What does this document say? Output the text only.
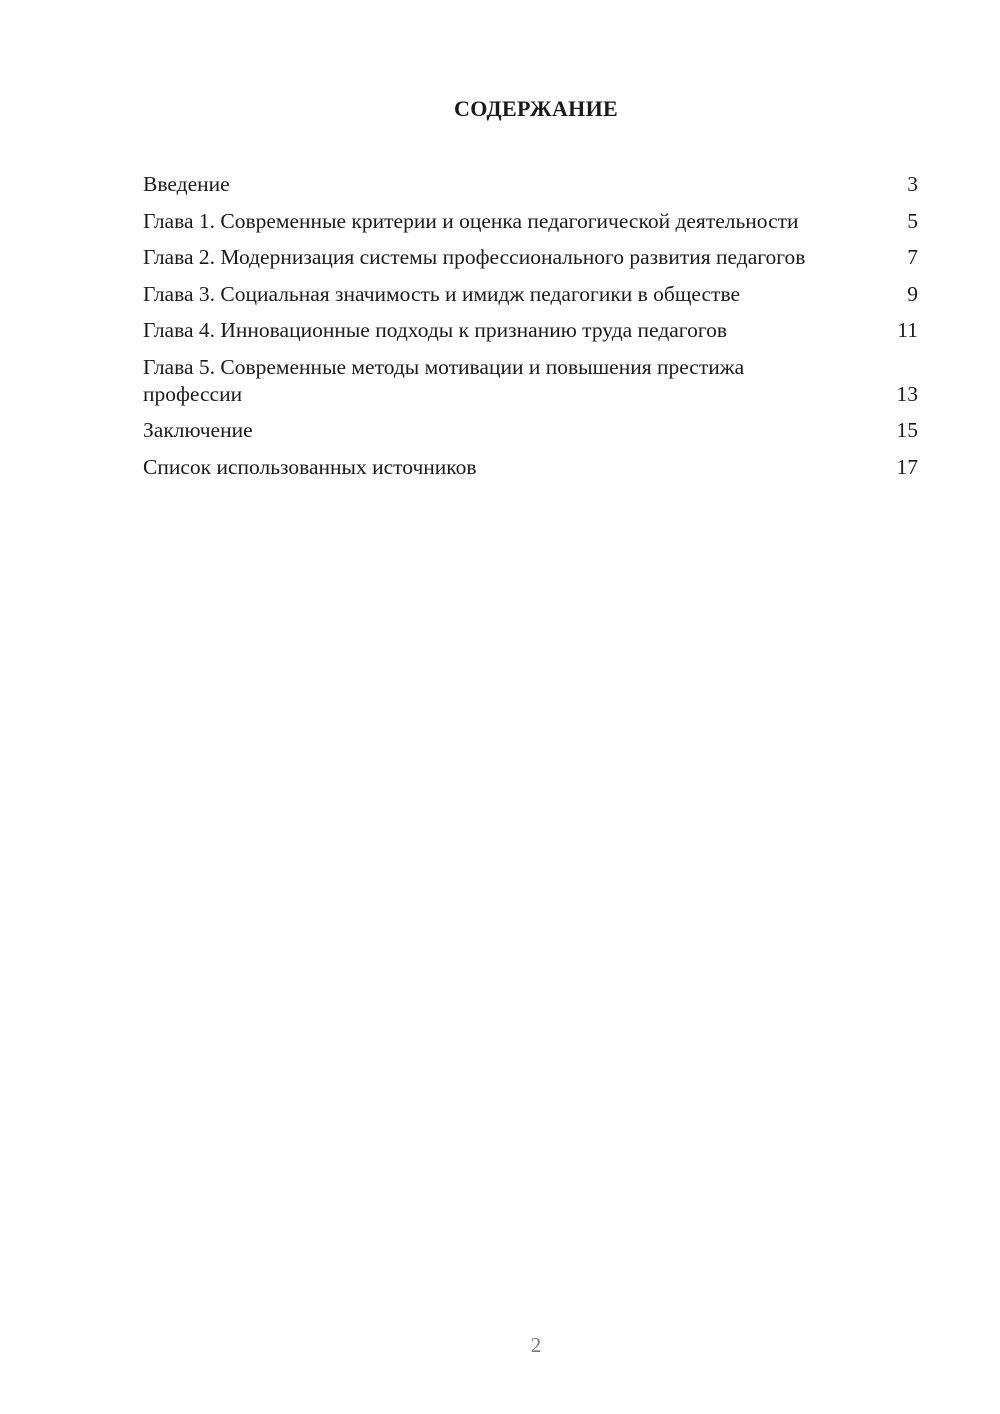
СОДЕРЖАНИЕ
Введение	3
Глава 1. Современные критерии и оценка педагогической деятельности	5
Глава 2. Модернизация системы профессионального развития педагогов	7
Глава 3. Социальная значимость и имидж педагогики в обществе	9
Глава 4. Инновационные подходы к признанию труда педагогов	11
Глава 5. Современные методы мотивации и повышения престижа профессии	13
Заключение	15
Список использованных источников	17
2
